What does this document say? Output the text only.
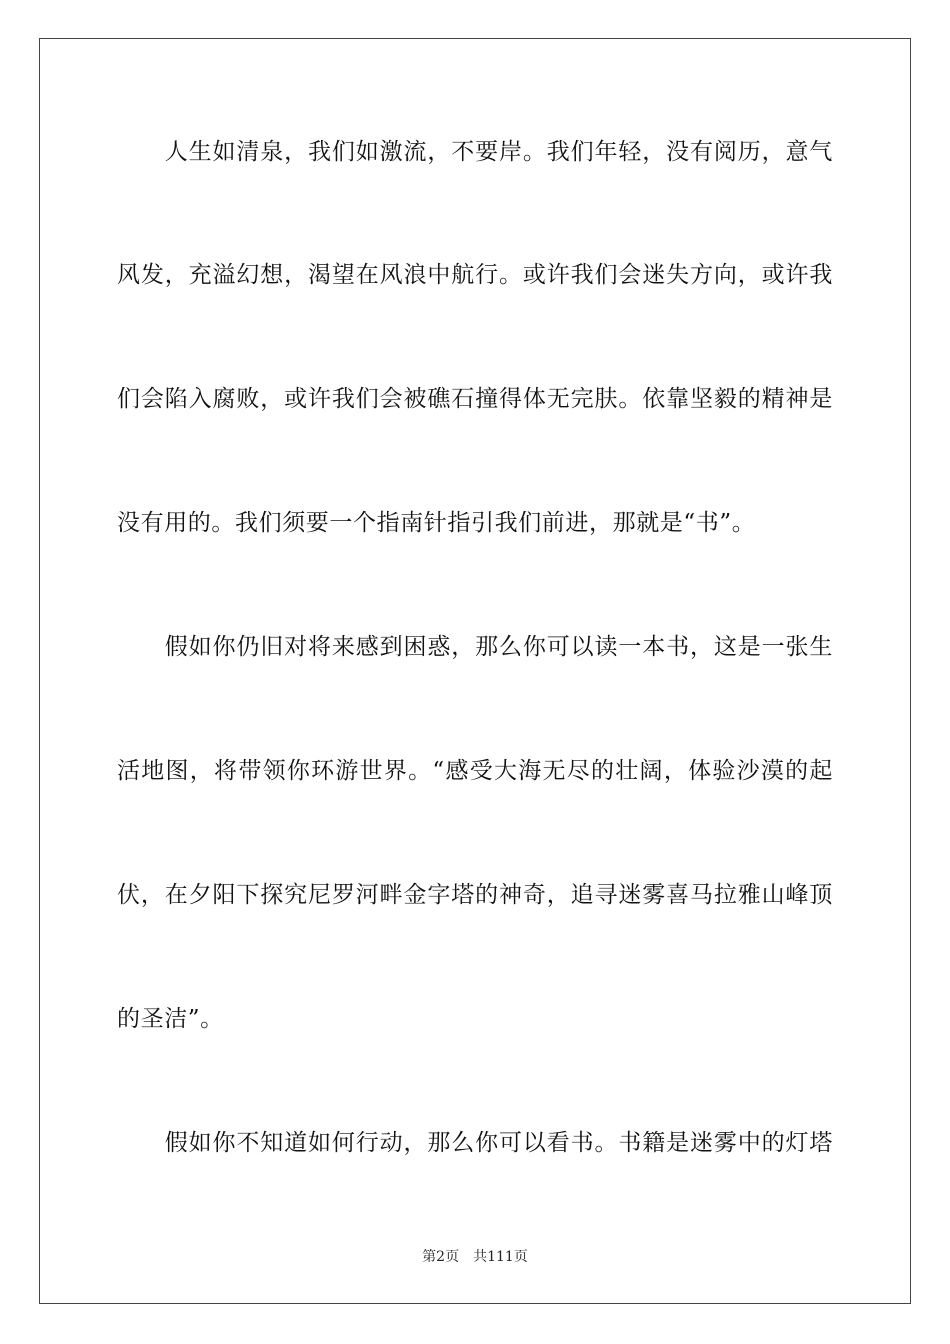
　　人生如清泉，我们如激流，不要岸。我们年轻，没有阅历，意气
风发，充溢幻想，渴望在风浪中航行。或许我们会迷失方向，或许我
们会陷入腐败，或许我们会被礁石撞得体无完肤。依靠坚毅的精神是
没有用的。我们须要一个指南针指引我们前进，那就是“书”。
　　假如你仍旧对将来感到困惑，那么你可以读一本书，这是一张生
活地图，将带领你环游世界。“感受大海无尽的壮阔，体验沙漠的起
伏，在夕阳下探究尼罗河畔金字塔的神奇，追寻迷雾喜马拉雅山峰顶
的圣洁”。
　　假如你不知道如何行动，那么你可以看书。书籍是迷雾中的灯塔
第2页 共111页
